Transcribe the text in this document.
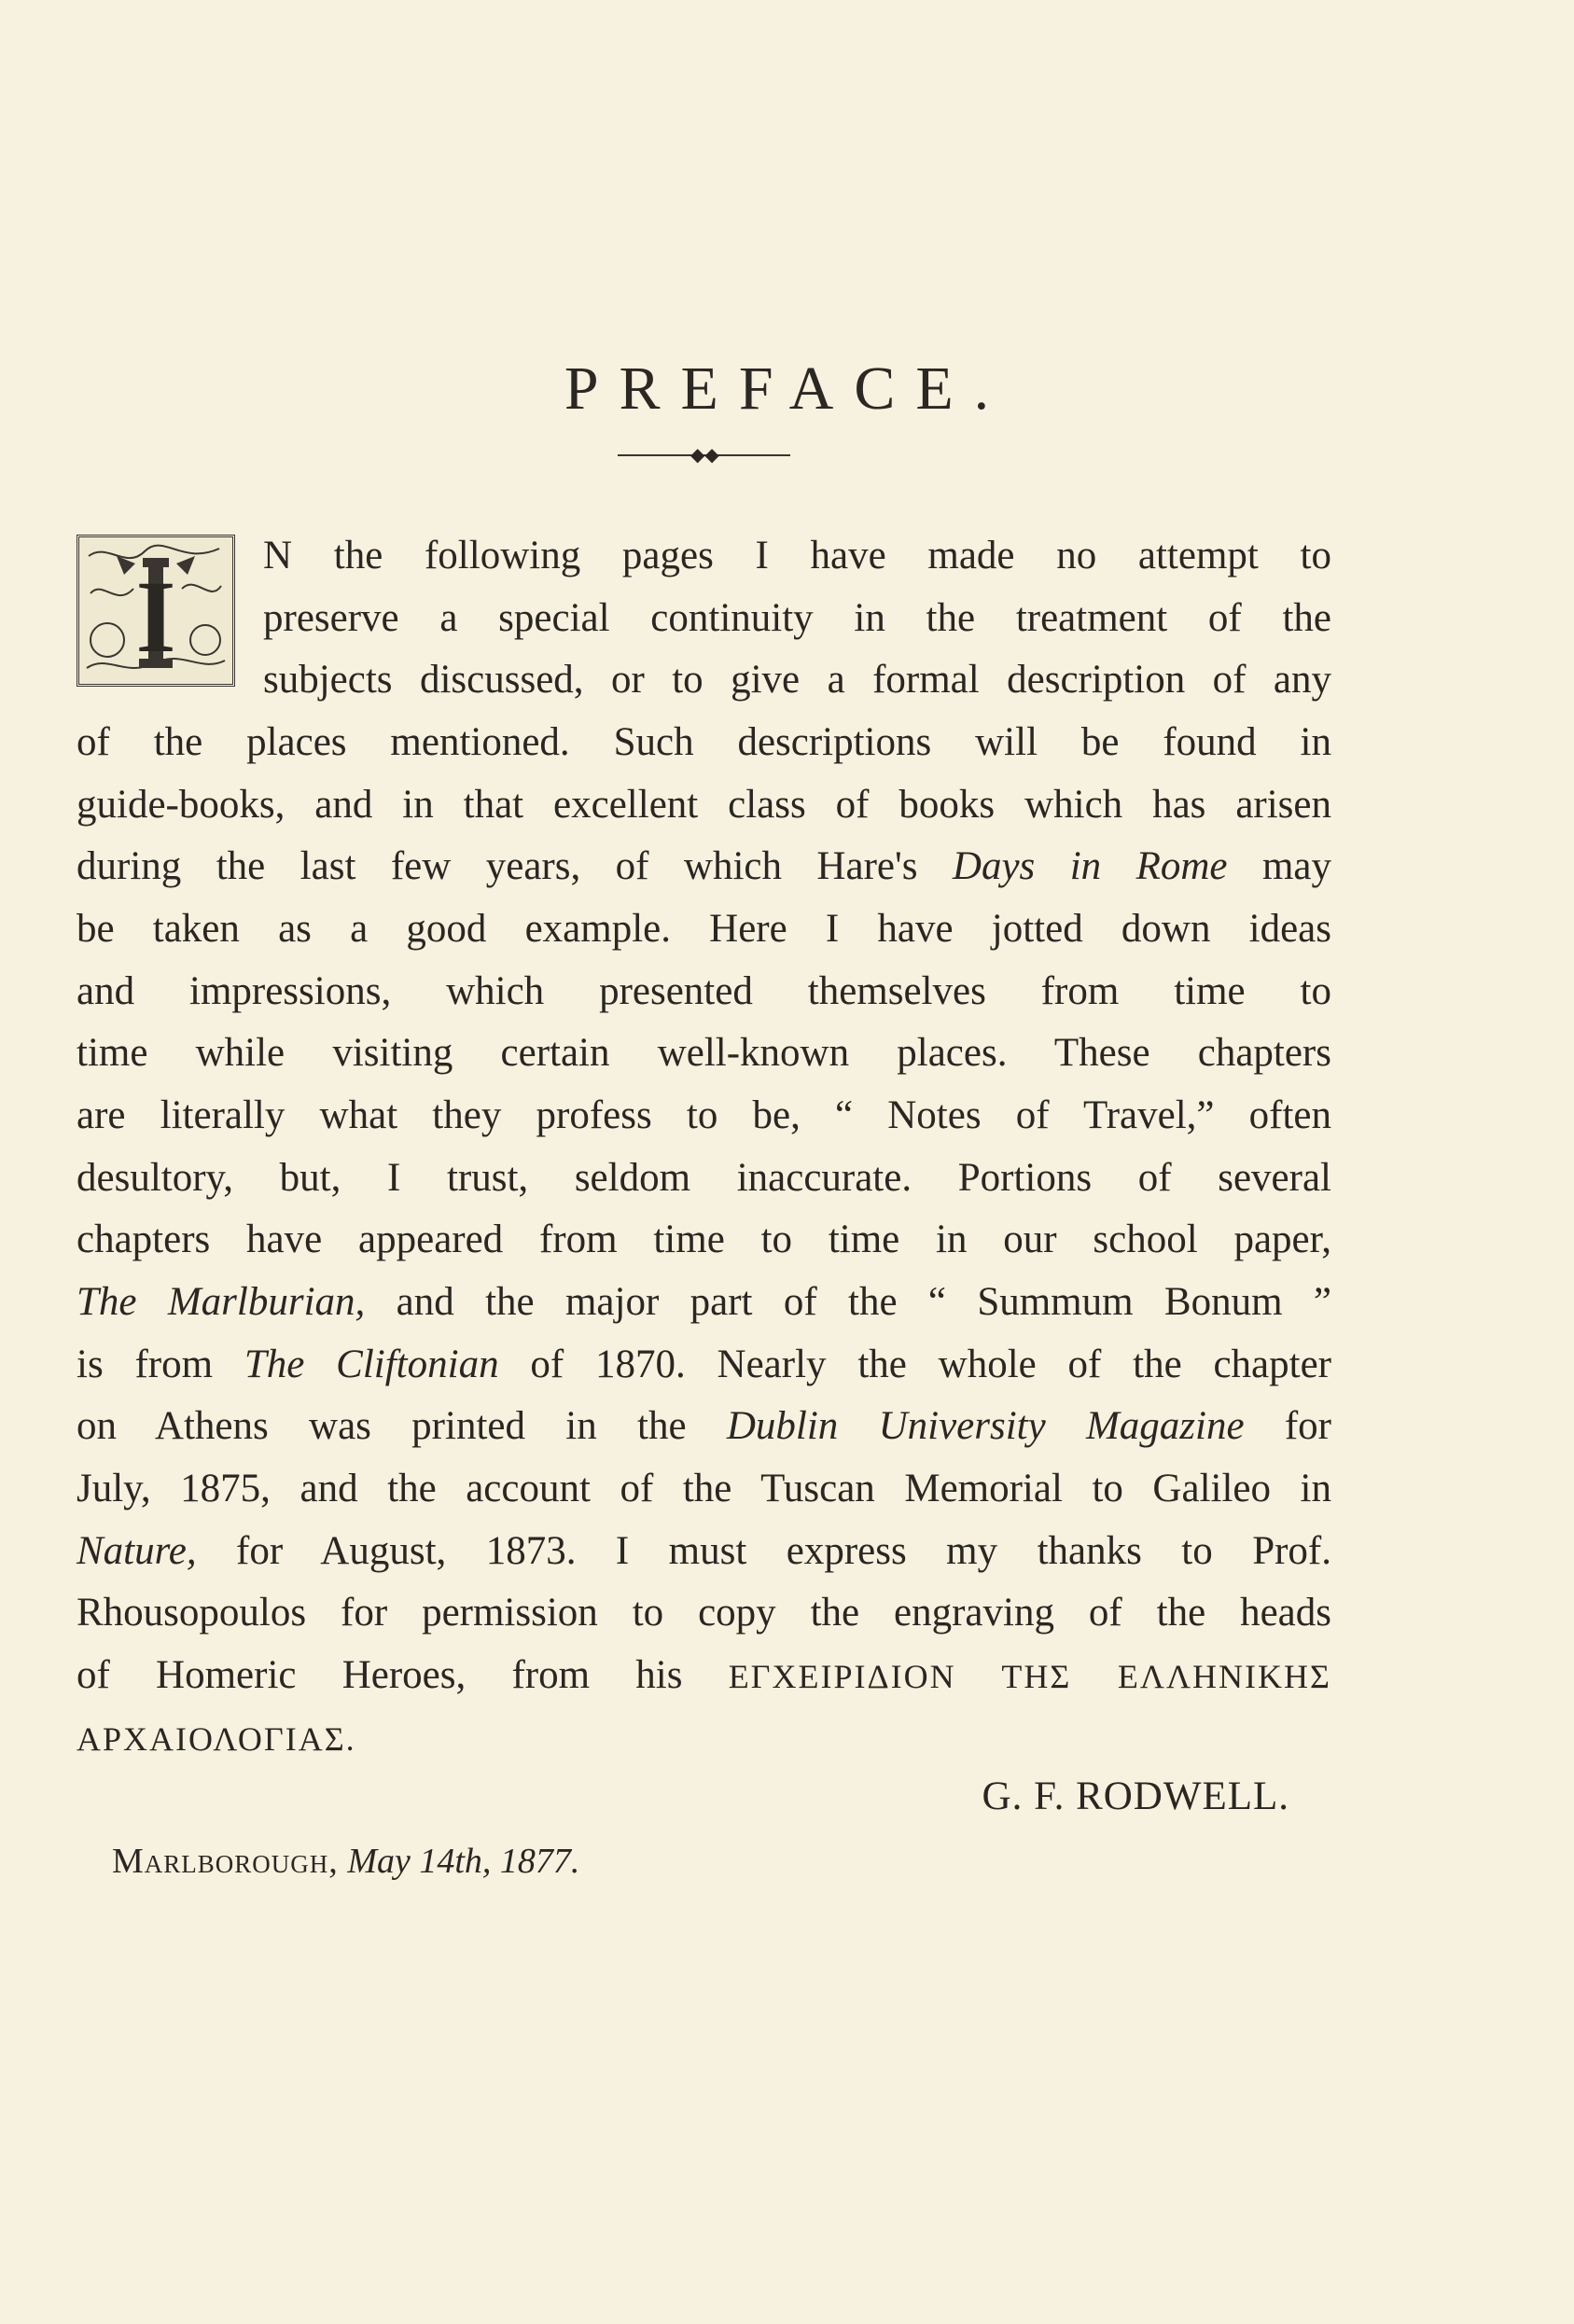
PREFACE.
◆◆
I
N the following pages I have made no attempt to
preserve a special continuity in the treatment of the
subjects discussed, or to give a formal description of any
of the places mentioned. Such descriptions will be found in
guide-books, and in that excellent class of books which has arisen
during the last few years, of which Hare's Days in Rome may
be taken as a good example. Here I have jotted down ideas
and impressions, which presented themselves from time to
time while visiting certain well-known places. These chapters
are literally what they profess to be, “ Notes of Travel,” often
desultory, but, I trust, seldom inaccurate. Portions of several
chapters have appeared from time to time in our school paper,
The Marlburian, and the major part of the “ Summum Bonum ”
is from The Cliftonian of 1870. Nearly the whole of the chapter
on Athens was printed in the Dublin University Magazine for
July, 1875, and the account of the Tuscan Memorial to Galileo in
Nature, for August, 1873. I must express my thanks to Prof.
Rhousopoulos for permission to copy the engraving of the heads
of Homeric Heroes, from his ΕΓΧΕΙΡΙΔΙΟΝ ΤΗΣ ΕΛΛΗΝΙΚΗΣ
ΑΡΧΑΙΟΛΟΓΙΑΣ.
G. F. RODWELL.
Marlborough, May 14th, 1877.
